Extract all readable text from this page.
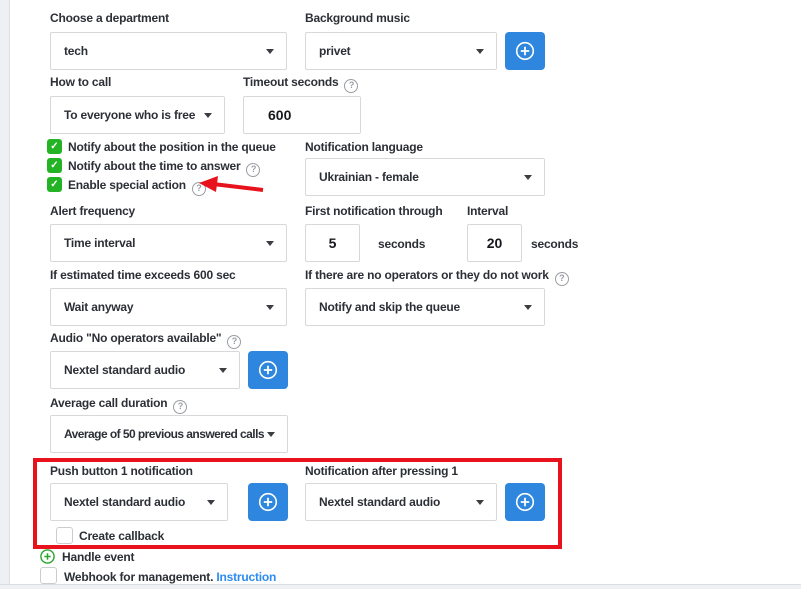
Choose a department
tech
Background music
privet
How to call
To everyone who is free
Timeout seconds ?
600
✓ Notify about the position in the queue
✓ Notify about the time to answer ?
✓ Enable special action ?
Notification language
Ukrainian - female
Alert frequency
Time interval
First notification through
5	seconds
Interval
20 seconds
If estimated time exceeds 600 sec
Wait anyway
If there are no operators or they do not work ?
Notify and skip the queue
Audio "No operators available" ?
Nextel standard audio
Average call duration ?
Average of 50 previous answered calls
Push button 1 notification
Nextel standard audio
Notification after pressing 1
Nextel standard audio
Create callback
Handle event
Webhook for management. Instruction
